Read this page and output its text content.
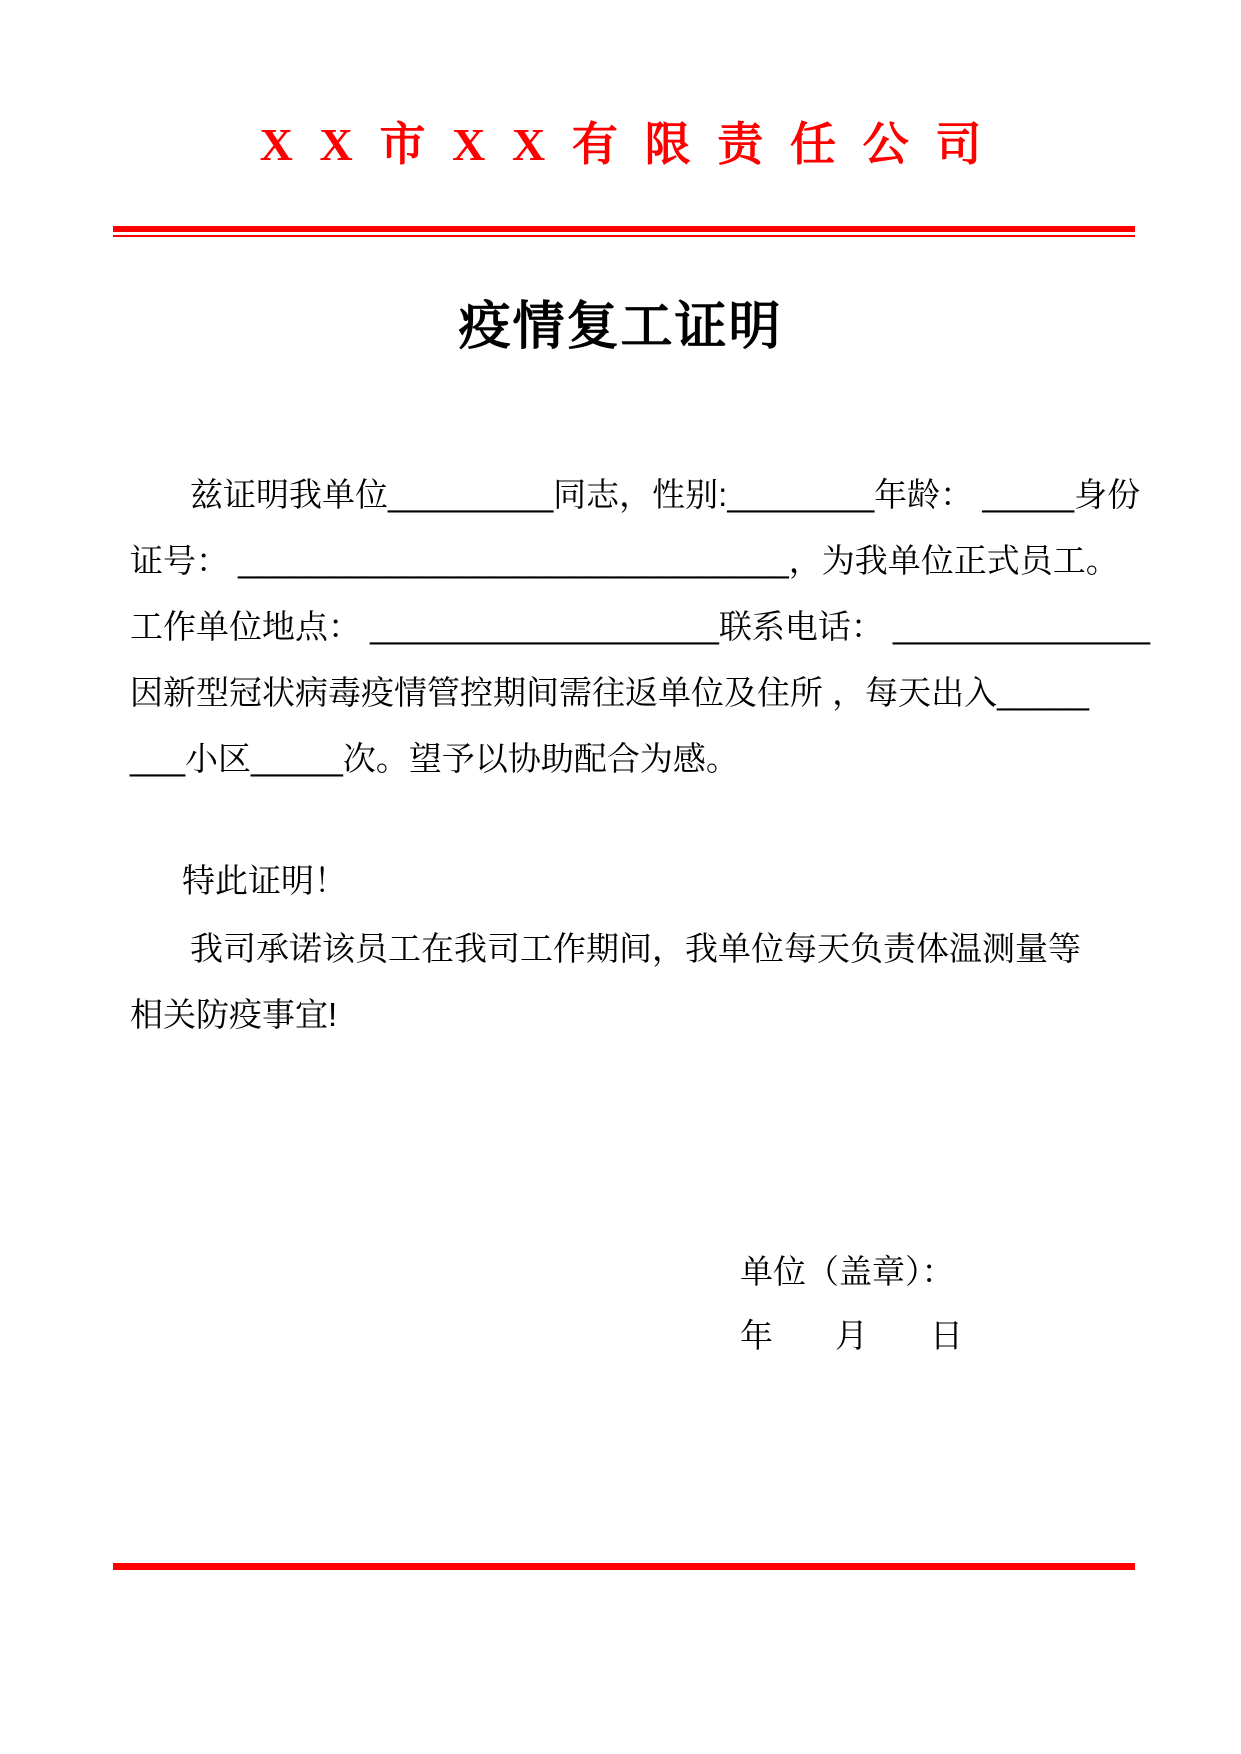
XX市XX有限责任公司
疫情复工证明
兹证明我单位_________同志，性别:________年龄： _____身份
证号： ______________________________，为我单位正式员工。
工作单位地点： ___________________联系电话： ______________
因新型冠状病毒疫情管控期间需往返单位及住所 ，每天出入_____
___小区_____次。望予以协助配合为感。
特此证明！
我司承诺该员工在我司工作期间，我单位每天负责体温测量等
相关防疫事宜!
单位（盖章）：
年 月 日
